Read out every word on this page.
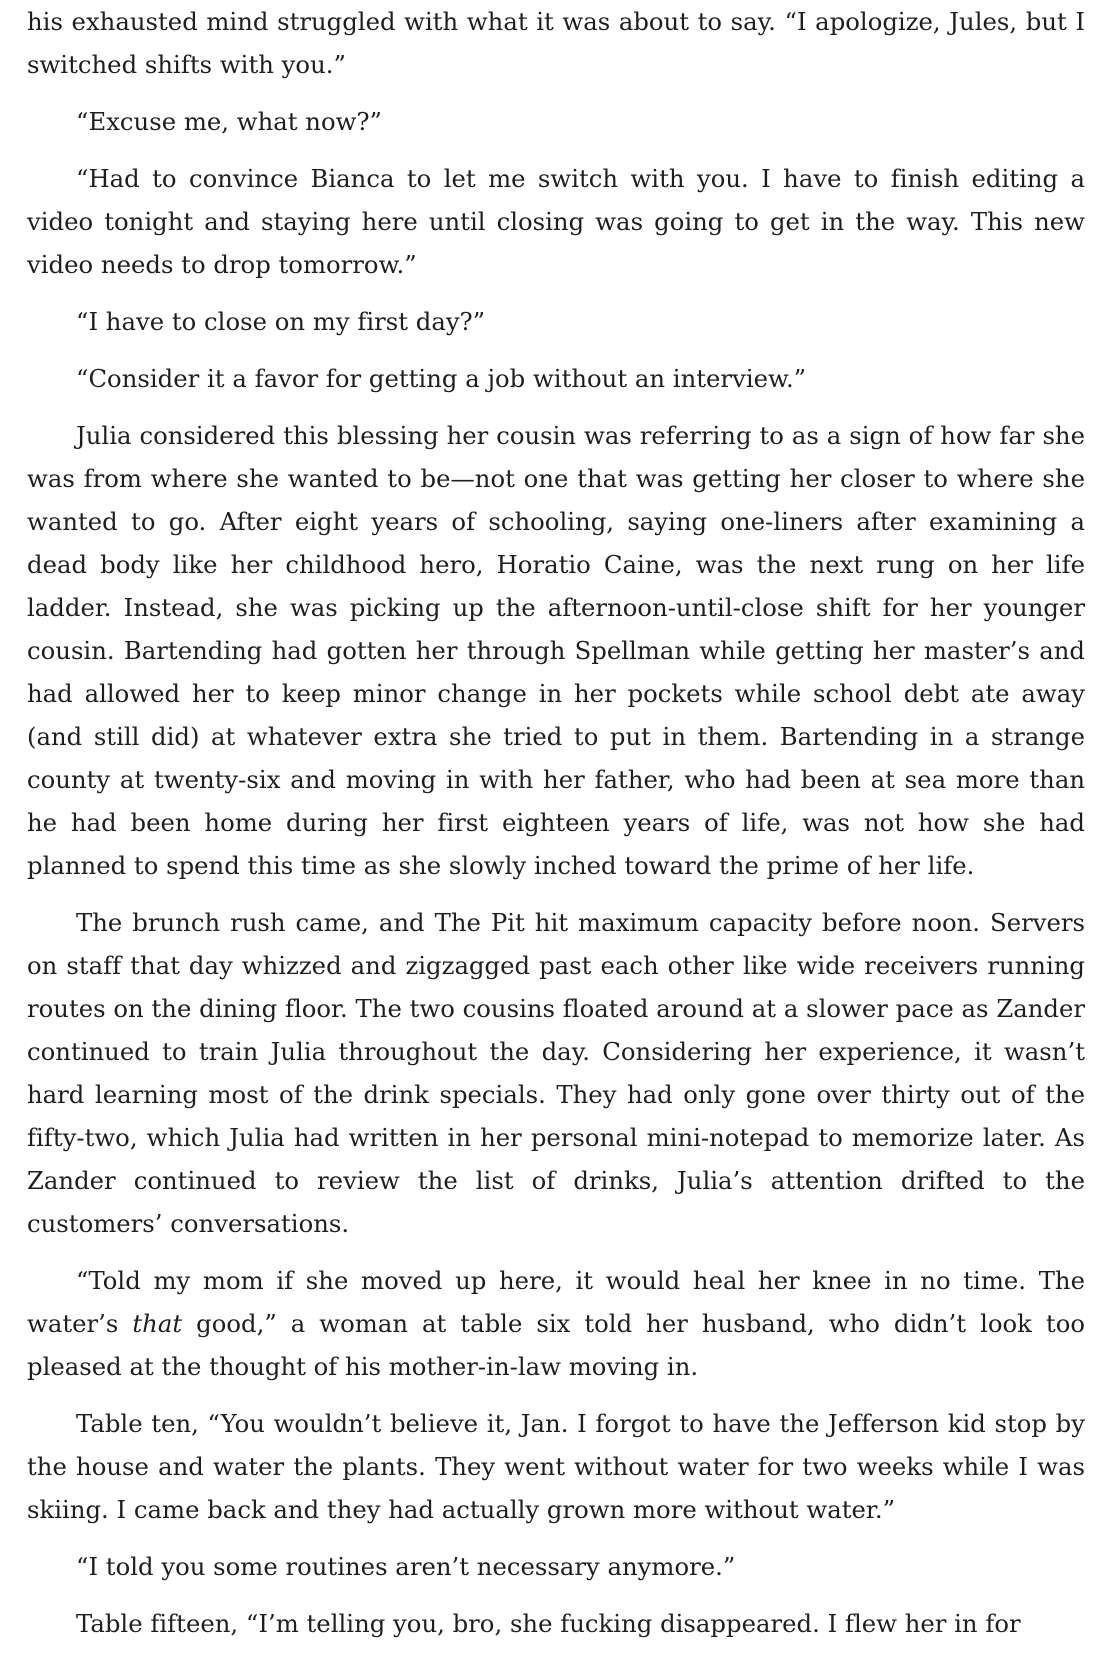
his exhausted mind struggled with what it was about to say. “I apologize, Jules, but I switched shifts with you.”

“Excuse me, what now?”

“Had to convince Bianca to let me switch with you. I have to finish editing a video tonight and staying here until closing was going to get in the way. This new video needs to drop tomorrow.”

“I have to close on my first day?”

“Consider it a favor for getting a job without an interview.”

Julia considered this blessing her cousin was referring to as a sign of how far she was from where she wanted to be—not one that was getting her closer to where she wanted to go. After eight years of schooling, saying one-liners after examining a dead body like her childhood hero, Horatio Caine, was the next rung on her life ladder. Instead, she was picking up the afternoon-until-close shift for her younger cousin. Bartending had gotten her through Spellman while getting her master’s and had allowed her to keep minor change in her pockets while school debt ate away (and still did) at whatever extra she tried to put in them. Bartending in a strange county at twenty-six and moving in with her father, who had been at sea more than he had been home during her first eighteen years of life, was not how she had planned to spend this time as she slowly inched toward the prime of her life.

The brunch rush came, and The Pit hit maximum capacity before noon. Servers on staff that day whizzed and zigzagged past each other like wide receivers running routes on the dining floor. The two cousins floated around at a slower pace as Zander continued to train Julia throughout the day. Considering her experience, it wasn’t hard learning most of the drink specials. They had only gone over thirty out of the fifty-two, which Julia had written in her personal mini-notepad to memorize later. As Zander continued to review the list of drinks, Julia’s attention drifted to the customers’ conversations.

“Told my mom if she moved up here, it would heal her knee in no time. The water’s that good,” a woman at table six told her husband, who didn’t look too pleased at the thought of his mother-in-law moving in.

Table ten, “You wouldn’t believe it, Jan. I forgot to have the Jefferson kid stop by the house and water the plants. They went without water for two weeks while I was skiing. I came back and they had actually grown more without water.”

“I told you some routines aren’t necessary anymore.”

Table fifteen, “I’m telling you, bro, she fucking disappeared. I flew her in for
